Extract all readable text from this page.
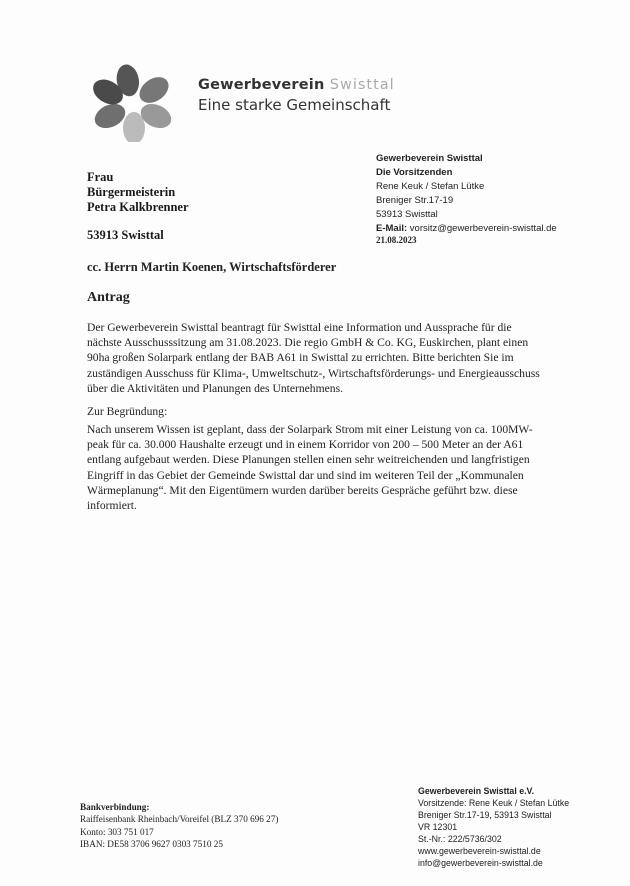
Gewerbeverein Swisttal
Eine starke Gemeinschaft
Frau
Bürgermeisterin
Petra Kalkbrenner
53913 Swisttal
Gewerbeverein Swisttal
Die Vorsitzenden
Rene Keuk / Stefan Lütke
Breniger Str.17-19
53913 Swisttal
E-Mail: vorsitz@gewerbeverein-swisttal.de
21.08.2023
cc. Herrn Martin Koenen, Wirtschaftsförderer
Antrag
Der Gewerbeverein Swisttal beantragt für Swisttal eine Information und Aussprache für die nächste Ausschusssitzung am 31.08.2023. Die regio GmbH & Co. KG, Euskirchen, plant einen 90ha großen Solarpark entlang der BAB A61 in Swisttal zu errichten. Bitte berichten Sie im zuständigen Ausschuss für Klima-, Umweltschutz-, Wirtschaftsförderungs- und Energieausschuss über die Aktivitäten und Planungen des Unternehmens.
Zur Begründung:
Nach unserem Wissen ist geplant, dass der Solarpark Strom mit einer Leistung von ca. 100MW-peak für ca. 30.000 Haushalte erzeugt und in einem Korridor von 200 – 500 Meter an der A61 entlang aufgebaut werden. Diese Planungen stellen einen sehr weitreichenden und langfristigen Eingriff in das Gebiet der Gemeinde Swisttal dar und sind im weiteren Teil der „Kommunalen Wärmeplanung“. Mit den Eigentümern wurden darüber bereits Gespräche geführt bzw. diese informiert.
Bankverbindung:
Raiffeisenbank Rheinbach/Voreifel (BLZ 370 696 27)
Konto: 303 751 017
IBAN: DE58 3706 9627 0303 7510 25
Gewerbeverein Swisttal e.V.
Vorsitzende: Rene Keuk / Stefan Lütke
Breniger Str.17-19, 53913 Swisttal
VR 12301
St.-Nr.: 222/5736/302
www.gewerbeverein-swisttal.de
info@gewerbeverein-swisttal.de
